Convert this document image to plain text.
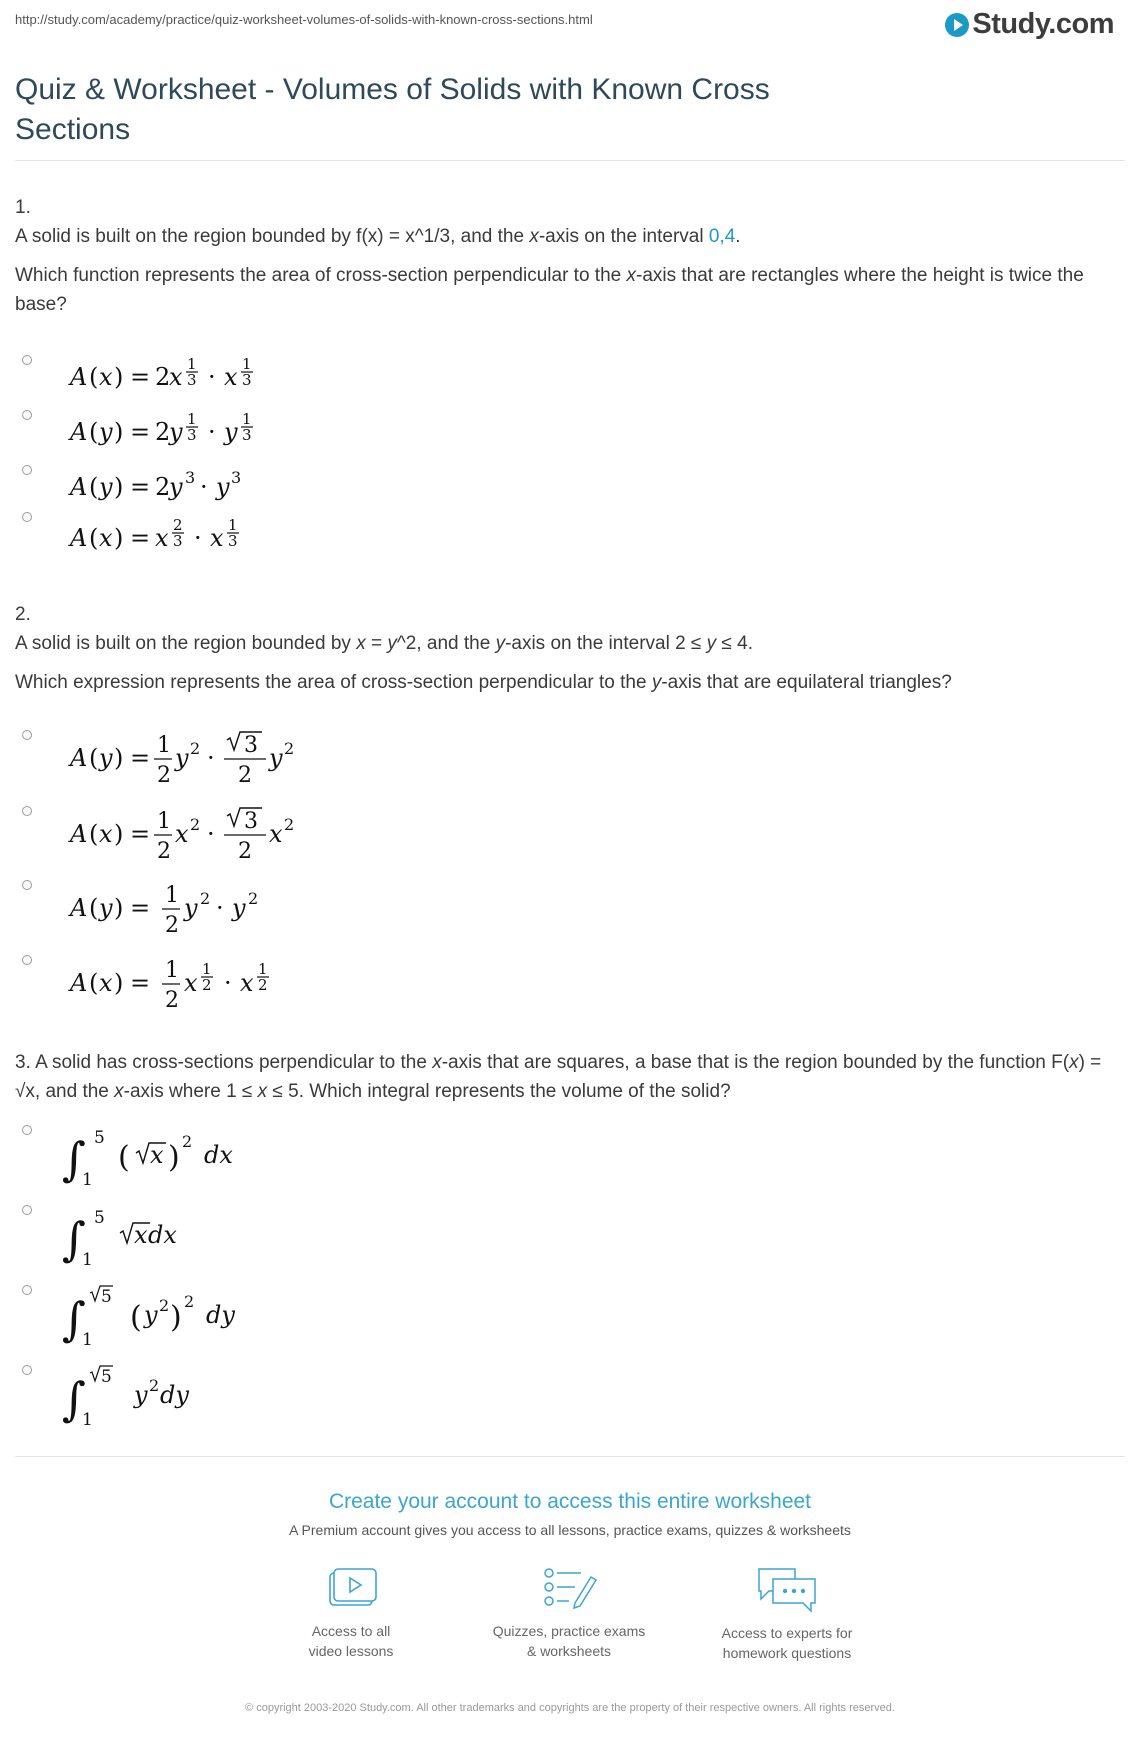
http://study.com/academy/practice/quiz-worksheet-volumes-of-solids-with-known-cross-sections.html	Study.com
Quiz & Worksheet - Volumes of Solids with Known Cross Sections
1.

A solid is built on the region bounded by f(x) = x^1/3, and the x-axis on the interval 0,4.

Which function represents the area of cross-section perpendicular to the x-axis that are rectangles where the height is twice the base?

A ( x ) = 2
x 1
3 · x 1
3
A ( y ) = 2
y 1
3 · y 1
3
A ( y ) = 2
y 3 · y 3
A ( x ) = x 2
3 · x 1
3
2.

A solid is built on the region bounded by x = y^2, and the y-axis on the interval 2 ≤ y ≤ 4.

Which expression represents the area of cross-section perpendicular to the y-axis that are equilateral triangles?

A ( y ) = 1
2
y 2 · 3
2
y 2
A ( x ) = 1
2
x 2 · 3
2
x 2
A ( y ) = 1
2
y 2 · y 2
A ( x ) = 1
2
x 1
2 · x 1
2

3. A solid has cross-sections perpendicular to the x-axis that are squares, a base that is the region bounded by the function F(x) = √x, and the x-axis where 1 ≤ x ≤ 5. Which integral represents the volume of the solid?

∫ 5
1
( x ) 2 dx
∫ 5
1
x dx
∫ 5
1
( y 2 ) 2 dy
∫ 5
1
y 2 dy
Create your account to access this entire worksheet
A Premium account gives you access to all lessons, practice exams, quizzes & worksheets
Access to all
video lessons
Quizzes, practice exams
& worksheets
Access to experts for
homework questions
© copyright 2003-2020 Study.com. All other trademarks and copyrights are the property of their respective owners. All rights reserved.
